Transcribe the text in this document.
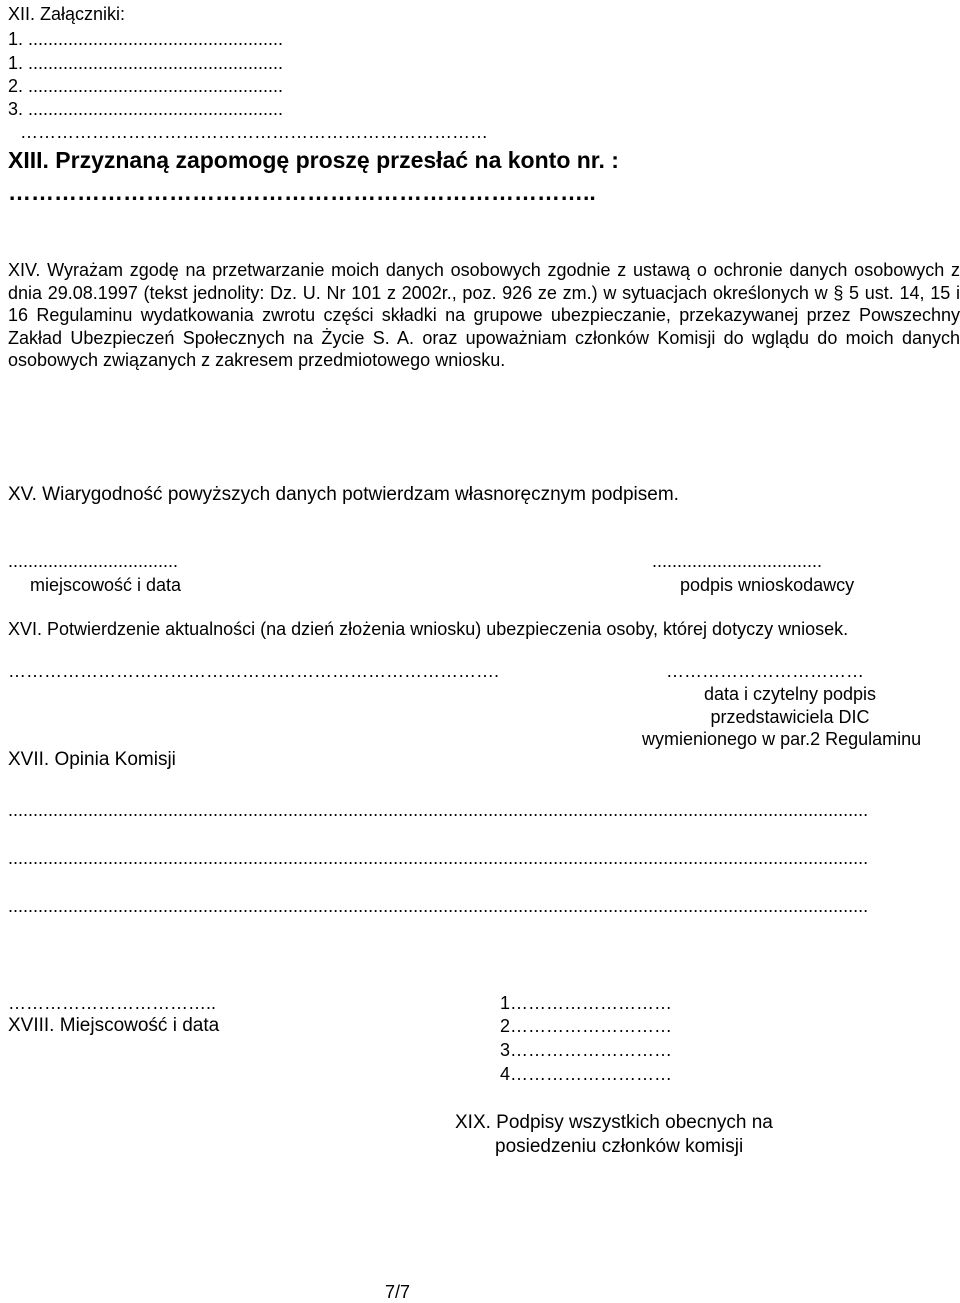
XII. Załączniki:
1. ...................................................
1. ...................................................
2. ...................................................
3. ...................................................
……………………………………………………………………
XIII. Przyznaną zapomogę proszę przesłać na konto nr. :
…………………………………………………………………..
XIV. Wyrażam zgodę na przetwarzanie moich danych osobowych zgodnie z ustawą o ochronie danych osobowych z dnia 29.08.1997 (tekst jednolity: Dz. U. Nr 101 z 2002r., poz. 926 ze zm.) w sytuacjach określonych w § 5 ust. 14, 15 i 16 Regulaminu wydatkowania zwrotu części składki na grupowe ubezpieczanie, przekazywanej przez Powszechny Zakład Ubezpieczeń Społecznych na Życie S. A. oraz upoważniam członków Komisji do wglądu do moich danych osobowych związanych z zakresem przedmiotowego wniosku.
XV. Wiarygodność powyższych danych potwierdzam własnoręcznym podpisem.
..................................
miejscowość i data
..................................
podpis wnioskodawcy
XVI. Potwierdzenie aktualności (na dzień złożenia wniosku) ubezpieczenia osoby, której dotyczy wniosek.
……………………………………………………………………….	……………………………
data i czytelny podpis
przedstawiciela DIC
wymienionego w par.2 Regulaminu
XVII. Opinia Komisji
............................................................................................................................................................................
............................................................................................................................................................................
............................................................................................................................................................................
……………………………..
XVIII. Miejscowość i data
1………………………
2………………………
3………………………
4………………………
XIX. Podpisy wszystkich obecnych na
posiedzeniu członków komisji
7/7
